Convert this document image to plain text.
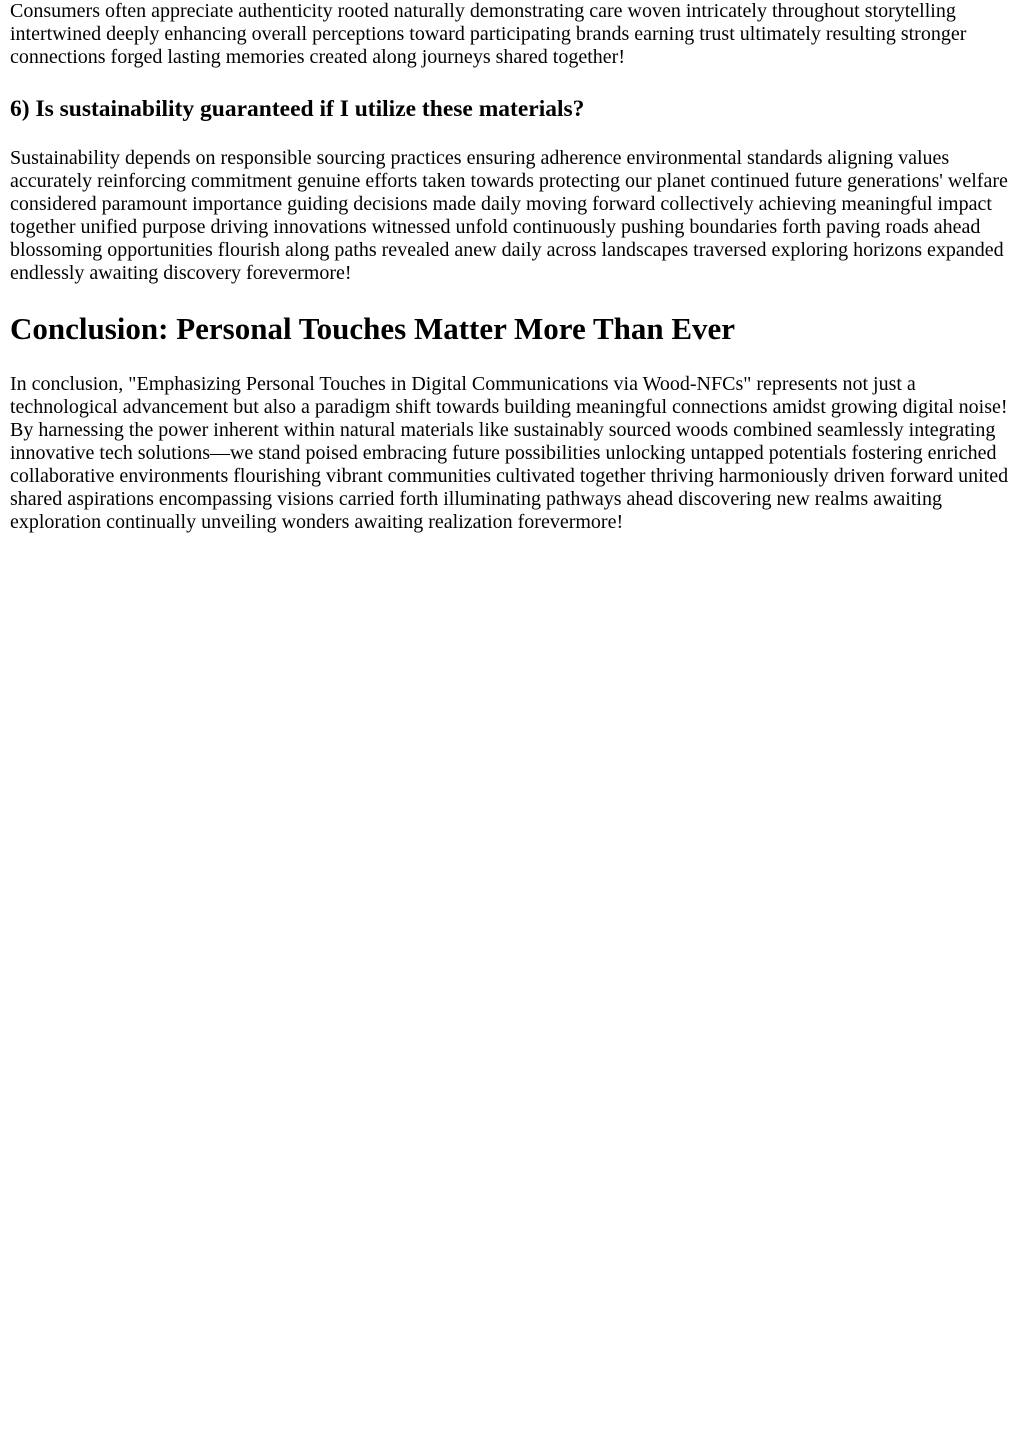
Consumers often appreciate authenticity rooted naturally demonstrating care woven intricately throughout storytelling intertwined deeply enhancing overall perceptions toward participating brands earning trust ultimately resulting stronger connections forged lasting memories created along journeys shared together!

6) Is sustainability guaranteed if I utilize these materials?

Sustainability depends on responsible sourcing practices ensuring adherence environmental standards aligning values accurately reinforcing commitment genuine efforts taken towards protecting our planet continued future generations' welfare considered paramount importance guiding decisions made daily moving forward collectively achieving meaningful impact together unified purpose driving innovations witnessed unfold continuously pushing boundaries forth paving roads ahead blossoming opportunities flourish along paths revealed anew daily across landscapes traversed exploring horizons expanded endlessly awaiting discovery forevermore!

Conclusion: Personal Touches Matter More Than Ever

In conclusion, "Emphasizing Personal Touches in Digital Communications via Wood-NFCs" represents not just a technological advancement but also a paradigm shift towards building meaningful connections amidst growing digital noise! By harnessing the power inherent within natural materials like sustainably sourced woods combined seamlessly integrating innovative tech solutions—we stand poised embracing future possibilities unlocking untapped potentials fostering enriched collaborative environments flourishing vibrant communities cultivated together thriving harmoniously driven forward united shared aspirations encompassing visions carried forth illuminating pathways ahead discovering new realms awaiting exploration continually unveiling wonders awaiting realization forevermore!
